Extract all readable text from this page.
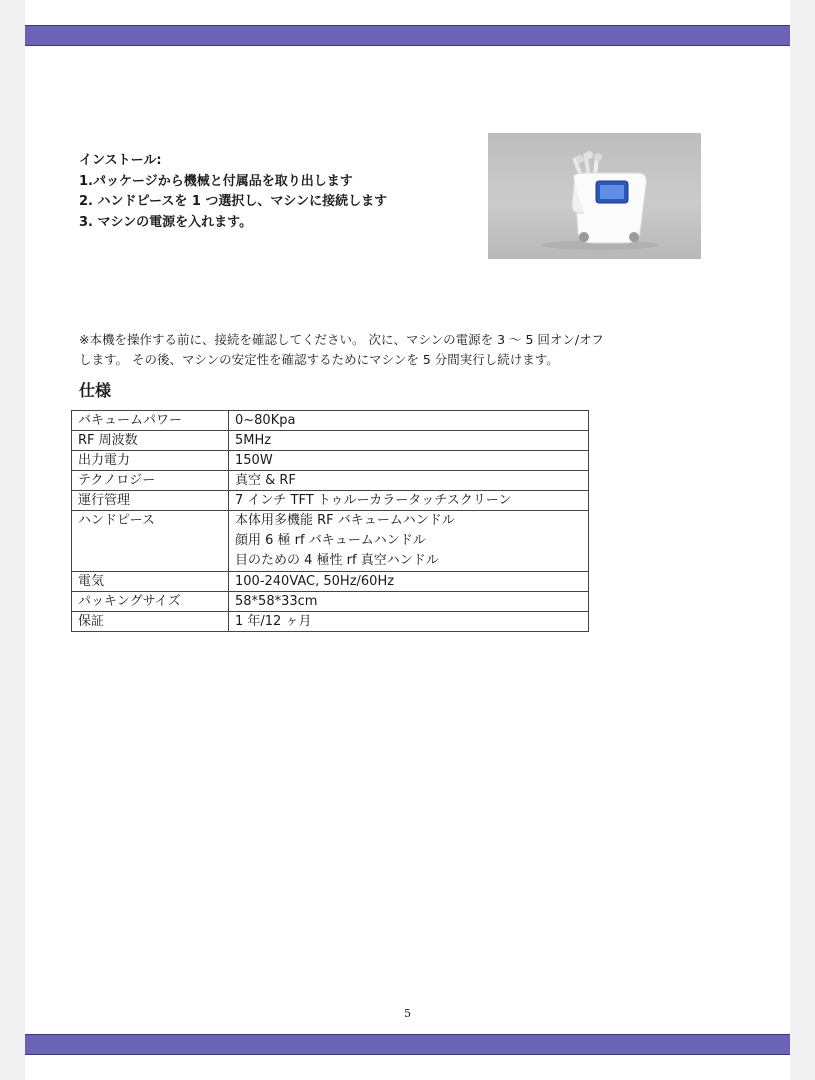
インストール:
1.パッケージから機械と付属品を取り出します
2. ハンドピースを 1 つ選択し、マシンに接続します
3. マシンの電源を入れます。
※本機を操作する前に、接続を確認してください。 次に、マシンの電源を 3 ～ 5 回オン/オフ
します。 その後、マシンの安定性を確認するためにマシンを 5 分間実行し続けます。
仕様
バキュームパワー	0~80Kpa
RF 周波数	5MHz
出力電力	150W
テクノロジー	真空 & RF
運行管理	7 インチ TFT トゥルーカラータッチスクリーン
ハンドピース	本体用多機能 RF バキュームハンドル
顔用 6 極 rf バキュームハンドル
目のための 4 極性 rf 真空ハンドル

電気	100-240VAC, 50Hz/60Hz
パッキングサイズ	58*58*33cm
保証	1 年/12 ヶ月
5
